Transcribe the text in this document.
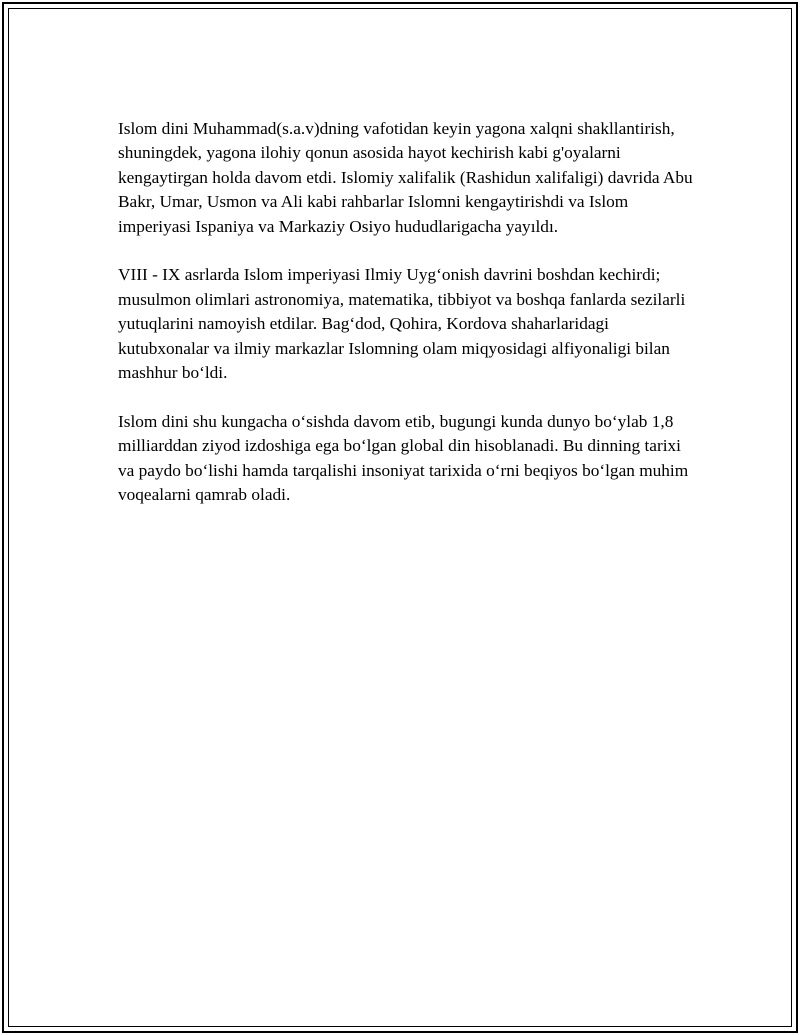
Islom dini Muhammad(s.a.v)dning vafotidan keyin yagona xalqni shakllantirish, shuningdek, yagona ilohiy qonun asosida hayot kechirish kabi g'oyalarni kengaytirgan holda davom etdi. Islomiy xalifalik (Rashidun xalifaligi) davrida Abu Bakr, Umar, Usmon va Ali kabi rahbarlar Islomni kengaytirishdi va Islom imperiyasi Ispaniya va Markaziy Osiyo hududlarigacha yayıldı.

VIII - IX asrlarda Islom imperiyasi Ilmiy Uygʻonish davrini boshdan kechirdi; musulmon olimlari astronomiya, matematika, tibbiyot va boshqa fanlarda sezilarli yutuqlarini namoyish etdilar. Bagʻdod, Qohira, Kordova shaharlaridagi kutubxonalar va ilmiy markazlar Islomning olam miqyosidagi alfiyonaligi bilan mashhur boʻldi.

Islom dini shu kungacha oʻsishda davom etib, bugungi kunda dunyo boʻylab 1,8 milliarddan ziyod izdoshiga ega boʻlgan global din hisoblanadi. Bu dinning tarixi va paydo boʻlishi hamda tarqalishi insoniyat tarixida oʻrni beqiyos boʻlgan muhim voqealarni qamrab oladi.
